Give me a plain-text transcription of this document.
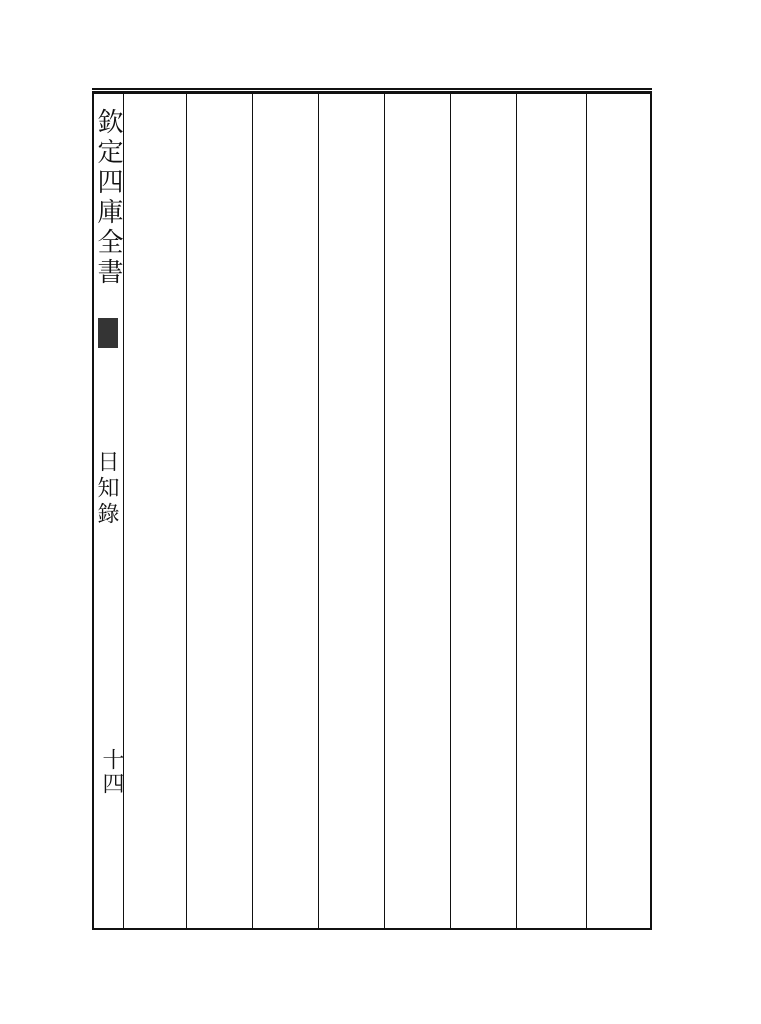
欽定四庫全書
日知錄
十四
